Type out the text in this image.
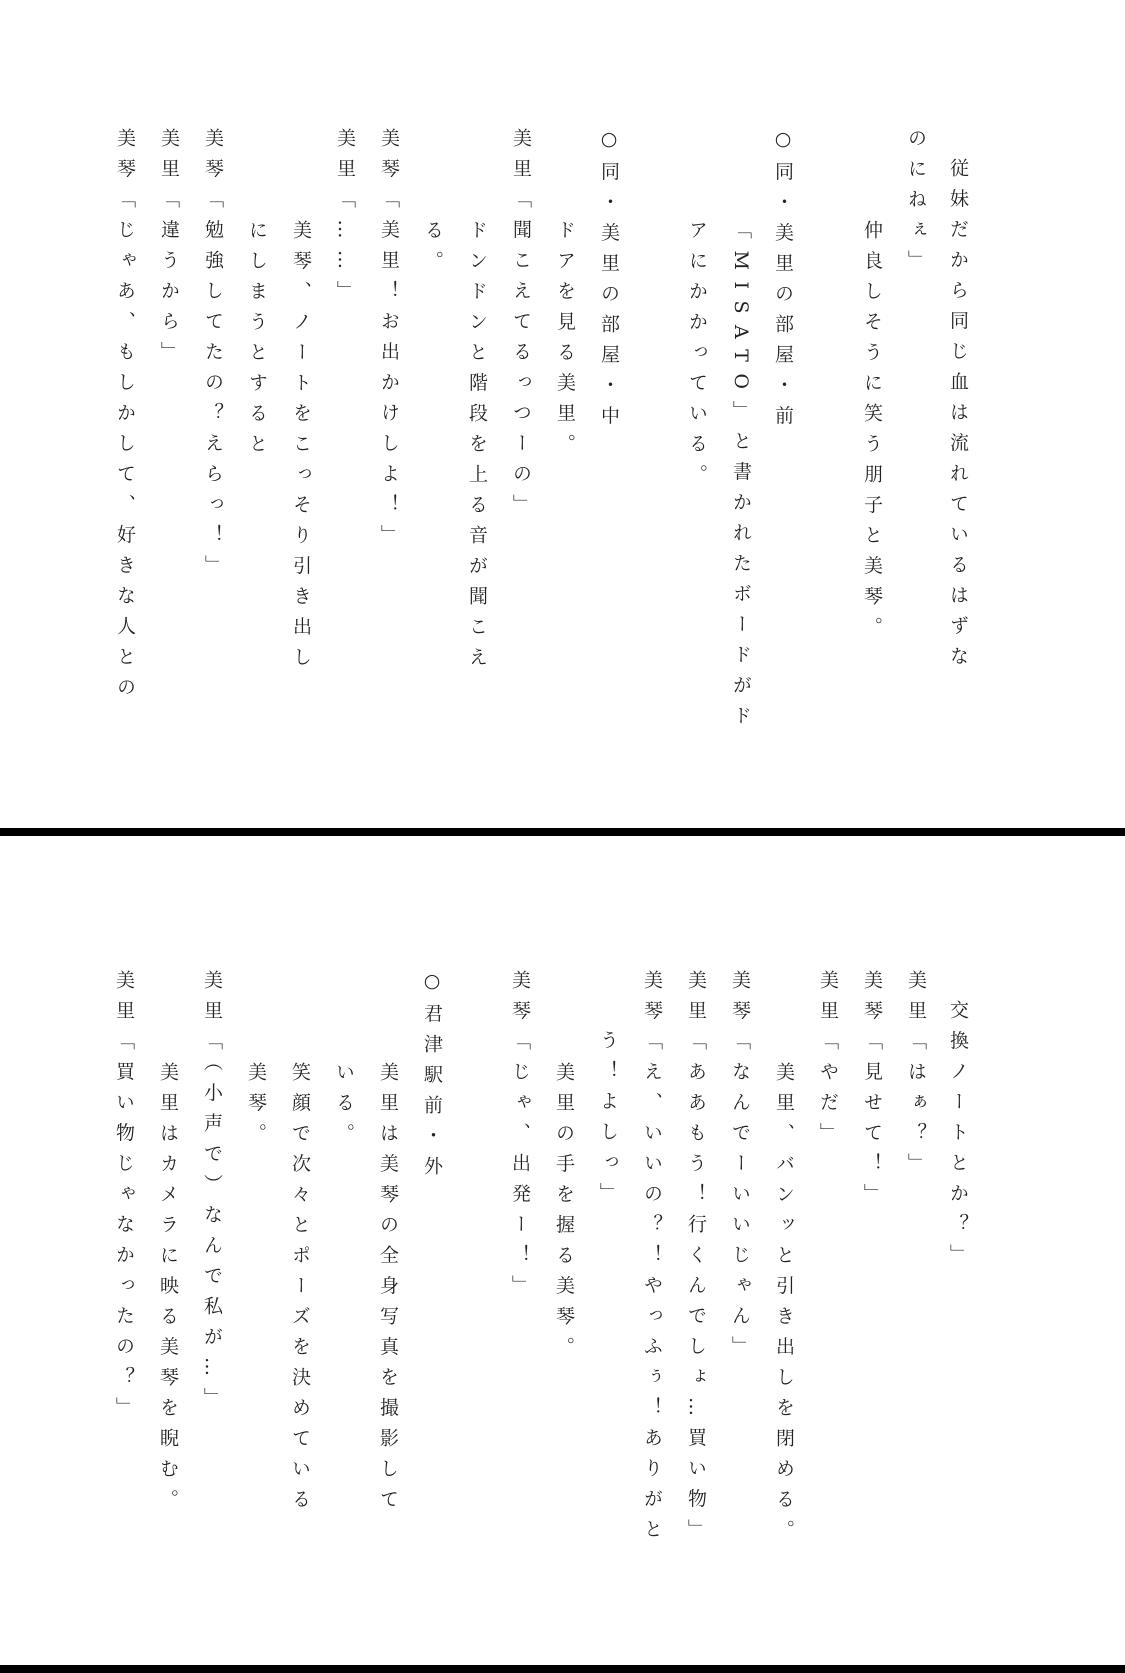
従妹だから同じ血は流れているはずな
のにねぇ」
仲良しそうに笑う朋子と美琴。
○同・美里の部屋・前
「MISATO」と書かれたボードがド
アにかかっている。
○同・美里の部屋・中
ドアを見る美里。
美里「聞こえてるっつーの」
ドンドンと階段を上る音が聞こえ
る。
美琴「美里！お出かけしよ！」
美里「……」
美琴、ノートをこっそり引き出し
にしまうとすると
美琴「勉強してたの？えらっ！」
美里「違うから」
美琴「じゃあ、もしかして、好きな人との
交換ノートとか？」
美里「はぁ？」
美琴「見せて！」
美里「やだ」
美里、バンッと引き出しを閉める。
美琴「なんでーいいじゃん」
美里「ああもう！行くんでしょ…買い物」
美琴「え、いいの？！やっふぅ！ありがと
う！よしっ」
美里の手を握る美琴。
美琴「じゃ、出発ー！」
○君津駅前・外
美里は美琴の全身写真を撮影して
いる。
笑顔で次々とポーズを決めている
美琴。
美里「（小声で）なんで私が…」
美里はカメラに映る美琴を睨む。
美里「買い物じゃなかったの？」
